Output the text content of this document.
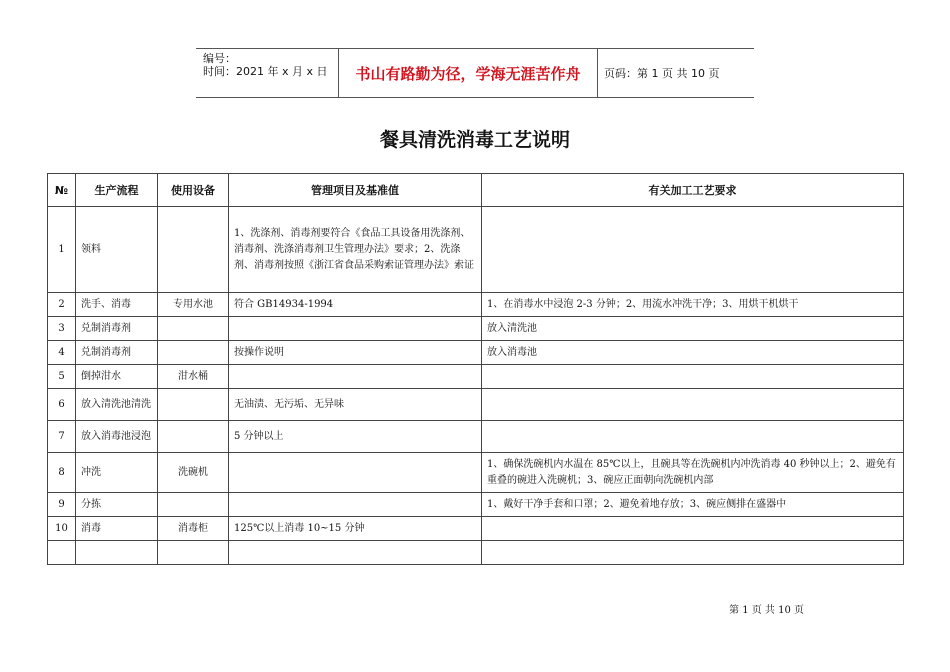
编号：
时间：2021 年 x 月 x 日	书山有路勤为径，学海无涯苦作舟	页码：第 1 页 共 10 页
餐具清洗消毒工艺说明
№	生产流程	使用设备	管理项目及基准值	有关加工工艺要求
1	领料		1、洗涤剂、消毒剂要符合《食品工具设备用洗涤剂、消毒剂、洗涤消毒剂卫生管理办法》要求；2、洗涤剂、消毒剂按照《浙江省食品采购索证管理办法》索证	
2	洗手、消毒	专用水池	符合 GB14934-1994	1、在消毒水中浸泡 2-3 分钟；2、用流水冲洗干净；3、用烘干机烘干
3	兑制消毒剂			放入清洗池
4	兑制消毒剂		按操作说明	放入消毒池
5	倒掉泔水	泔水桶		
6	放入清洗池清洗		无油渍、无污垢、无异味	
7	放入消毒池浸泡		5 分钟以上	
8	冲洗	洗碗机		1、确保洗碗机内水温在 85℃以上，且碗具等在洗碗机内冲洗消毒 40 秒钟以上；2、避免有重叠的碗进入洗碗机；3、碗应正面朝向洗碗机内部
9	分拣			1、戴好干净手套和口罩；2、避免着地存放；3、碗应侧排在盛器中
10	消毒	消毒柜	125℃以上消毒 10~15 分钟	

第 1 页 共 10 页
